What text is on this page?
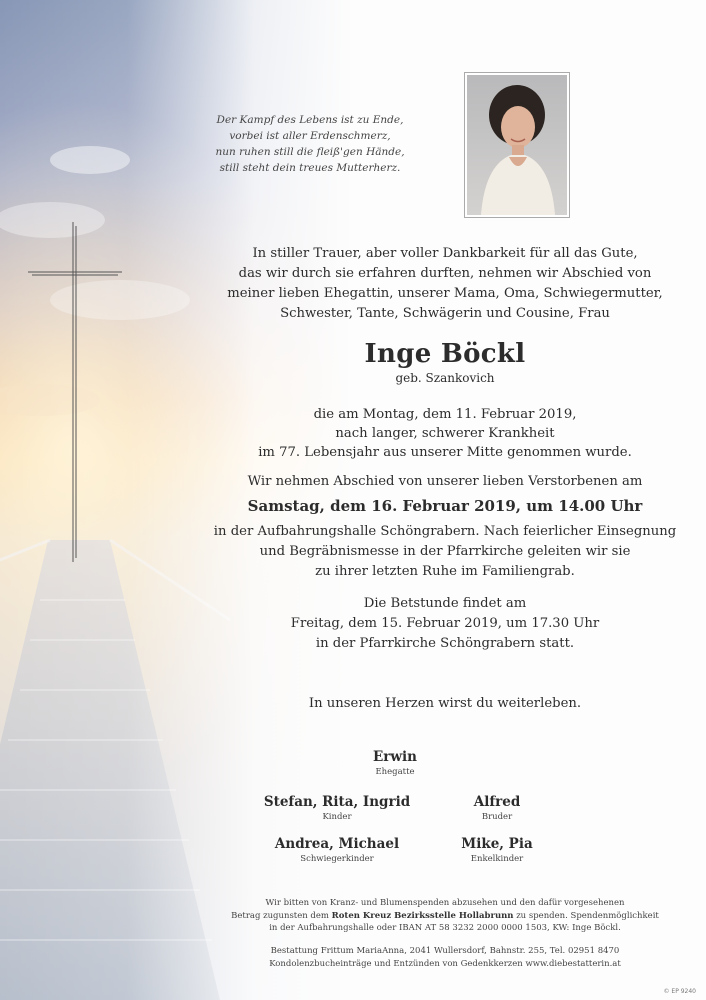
Der Kampf des Lebens ist zu Ende,
vorbei ist aller Erdenschmerz,
nun ruhen still die fleiß'gen Hände,
still steht dein treues Mutterherz.
In stiller Trauer, aber voller Dankbarkeit für all das Gute,
das wir durch sie erfahren durften, nehmen wir Abschied von
meiner lieben Ehegattin, unserer Mama, Oma, Schwiegermutter,
Schwester, Tante, Schwägerin und Cousine, Frau
Inge Böckl
geb. Szankovich
die am Montag, dem 11. Februar 2019,
nach langer, schwerer Krankheit
im 77. Lebensjahr aus unserer Mitte genommen wurde.
Wir nehmen Abschied von unserer lieben Verstorbenen am
Samstag, dem 16. Februar 2019, um 14.00 Uhr
in der Aufbahrungshalle Schöngrabern. Nach feierlicher Einsegnung
und Begräbnismesse in der Pfarrkirche geleiten wir sie
zu ihrer letzten Ruhe im Familiengrab.
Die Betstunde findet am
Freitag, dem 15. Februar 2019, um 17.30 Uhr
in der Pfarrkirche Schöngrabern statt.
In unseren Herzen wirst du weiterleben.
Erwin
Ehegatte
Stefan, Rita, Ingrid
Kinder
Alfred
Bruder
Andrea, Michael
Schwiegerkinder
Mike, Pia
Enkelkinder
Wir bitten von Kranz- und Blumenspenden abzusehen und den dafür vorgesehenen
Betrag zugunsten dem Roten Kreuz Bezirksstelle Hollabrunn zu spenden. Spendenmöglichkeit
in der Aufbahrungshalle oder IBAN AT 58 3232 2000 0000 1503, KW: Inge Böckl.
Bestattung Frittum MariaAnna, 2041 Wullersdorf, Bahnstr. 255, Tel. 02951 8470
Kondolenzbucheinträge und Entzünden von Gedenkkerzen www.diebestatterin.at
© EP 9240
